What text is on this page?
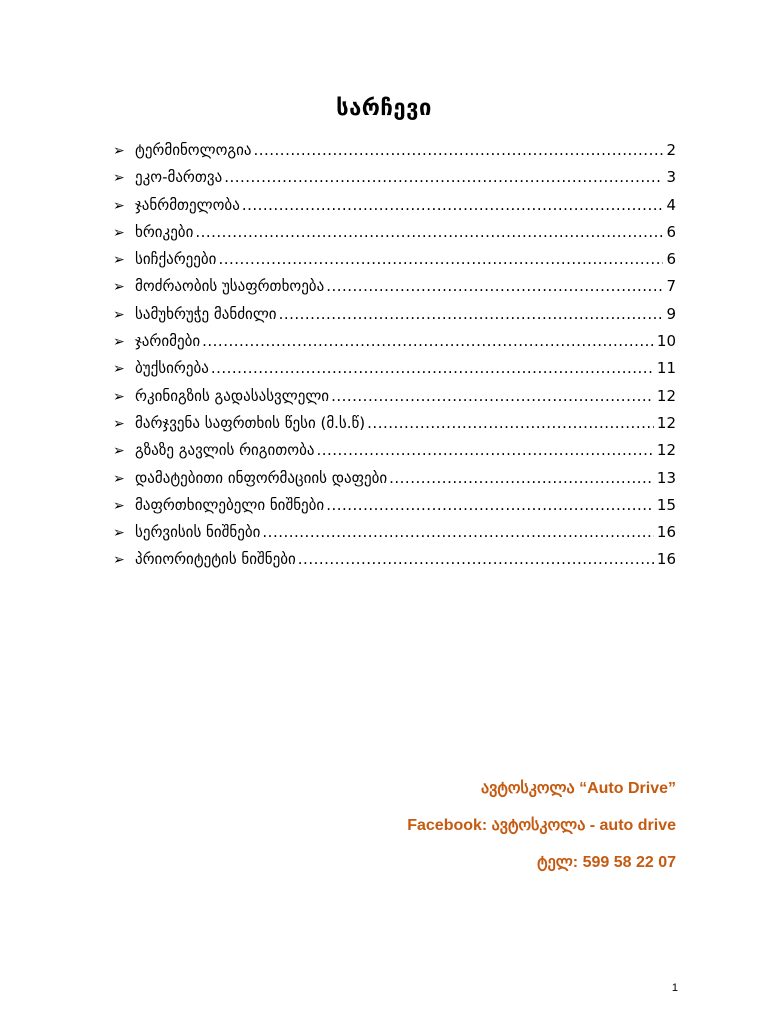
სარჩევი
➢ ტერმინოლოგია .....	2
➢ ეკო-მართვა .....	3
➢ ჯანრმთელობა .....	4
➢ ხრიკები .....	6
➢ სიჩქარეები .....	6
➢ მოძრაობის უსაფრთხოება .....	7
➢ სამუხრუჭე მანძილი .....	9
➢ ჯარიმები .....	10
➢ ბუქსირება .....	11
➢ რკინიგზის გადასასვლელი .....	12
➢ მარჯვენა საფრთხის წესი (მ.ს.წ) .....	12
➢ გზაზე გავლის რიგითობა .....	12
➢ დამატებითი ინფორმაციის დაფები .....	13
➢ მაფრთხილებელი ნიშნები .....	15
➢ სერვისის ნიშნები .....	16
➢ პრიორიტეტის ნიშნები .....	16
ავტოსკოლა “Auto Drive”
Facebook: ავტოსკოლა - auto drive
ტელ: 599 58 22 07
1
